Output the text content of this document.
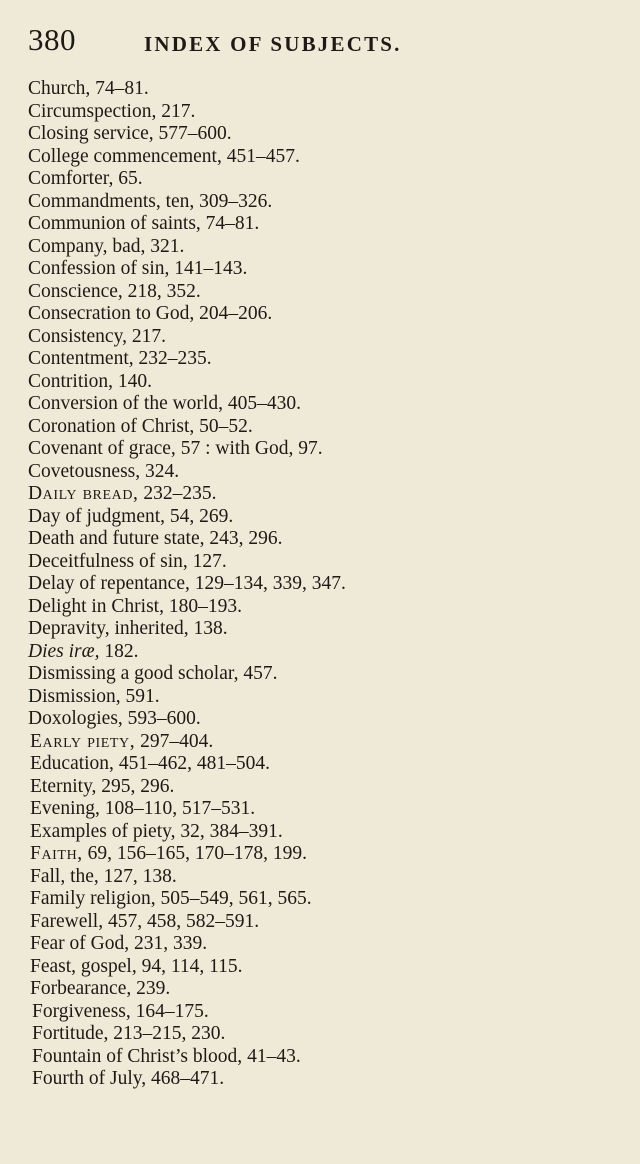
380	INDEX OF SUBJECTS.
Church, 74–81.
Circumspection, 217.
Closing service, 577–600.
College commencement, 451–457.
Comforter, 65.
Commandments, ten, 309–326.
Communion of saints, 74–81.
Company, bad, 321.
Confession of sin, 141–143.
Conscience, 218, 352.
Consecration to God, 204–206.
Consistency, 217.
Contentment, 232–235.
Contrition, 140.
Conversion of the world, 405–430.
Coronation of Christ, 50–52.
Covenant of grace, 57 : with God, 97.
Covetousness, 324.
Daily bread, 232–235.
Day of judgment, 54, 269.
Death and future state, 243, 296.
Deceitfulness of sin, 127.
Delay of repentance, 129–134, 339, 347.
Delight in Christ, 180–193.
Depravity, inherited, 138.
Dies iræ, 182.
Dismissing a good scholar, 457.
Dismission, 591.
Doxologies, 593–600.
Early piety, 297–404.
Education, 451–462, 481–504.
Eternity, 295, 296.
Evening, 108–110, 517–531.
Examples of piety, 32, 384–391.
Faith, 69, 156–165, 170–178, 199.
Fall, the, 127, 138.
Family religion, 505–549, 561, 565.
Farewell, 457, 458, 582–591.
Fear of God, 231, 339.
Feast, gospel, 94, 114, 115.
Forbearance, 239.
Forgiveness, 164–175.
Fortitude, 213–215, 230.
Fountain of Christ’s blood, 41–43.
Fourth of July, 468–471.
